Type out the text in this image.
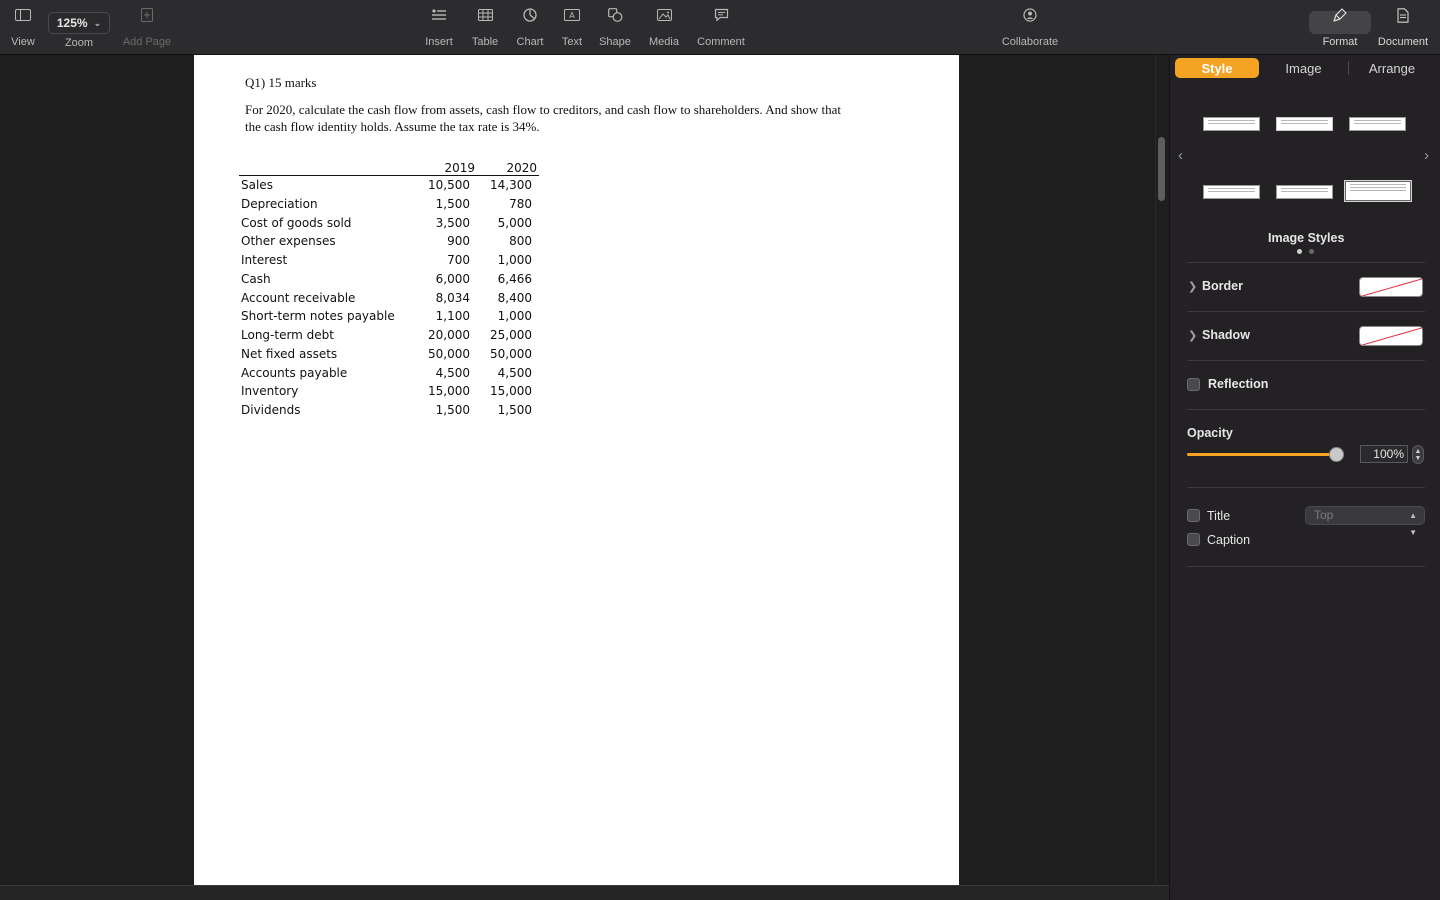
View
125% ⌄
Zoom	Add Page	Insert Table Chart
A
Text Shape Media Comment	Collaborate	Format Document
Q1) 15 marks
For 2020, calculate the cash flow from assets, cash flow to creditors, and cash flow to shareholders. And show that the cash flow identity holds. Assume the tax rate is 34%.
2019	2020
Sales	10,500 14,300
Depreciation	1,500	780
Cost of goods sold	3,500 5,000
Other expenses	900	800
Interest	700 1,000
Cash	6,000 6,466
Account receivable	8,034 8,400
Short-term notes payable	1,100 1,000
Long-term debt	20,000 25,000
Net fixed assets	50,000 50,000
Accounts payable	4,500 4,500
Inventory	15,000 15,000
Dividends	1,500 1,500
Style	Image	Arrange
‹	›
Image Styles
❯ Border
❯ Shadow
Reflection
Opacity
100%	▲
▼
Title	Top	▲
▼
Caption
